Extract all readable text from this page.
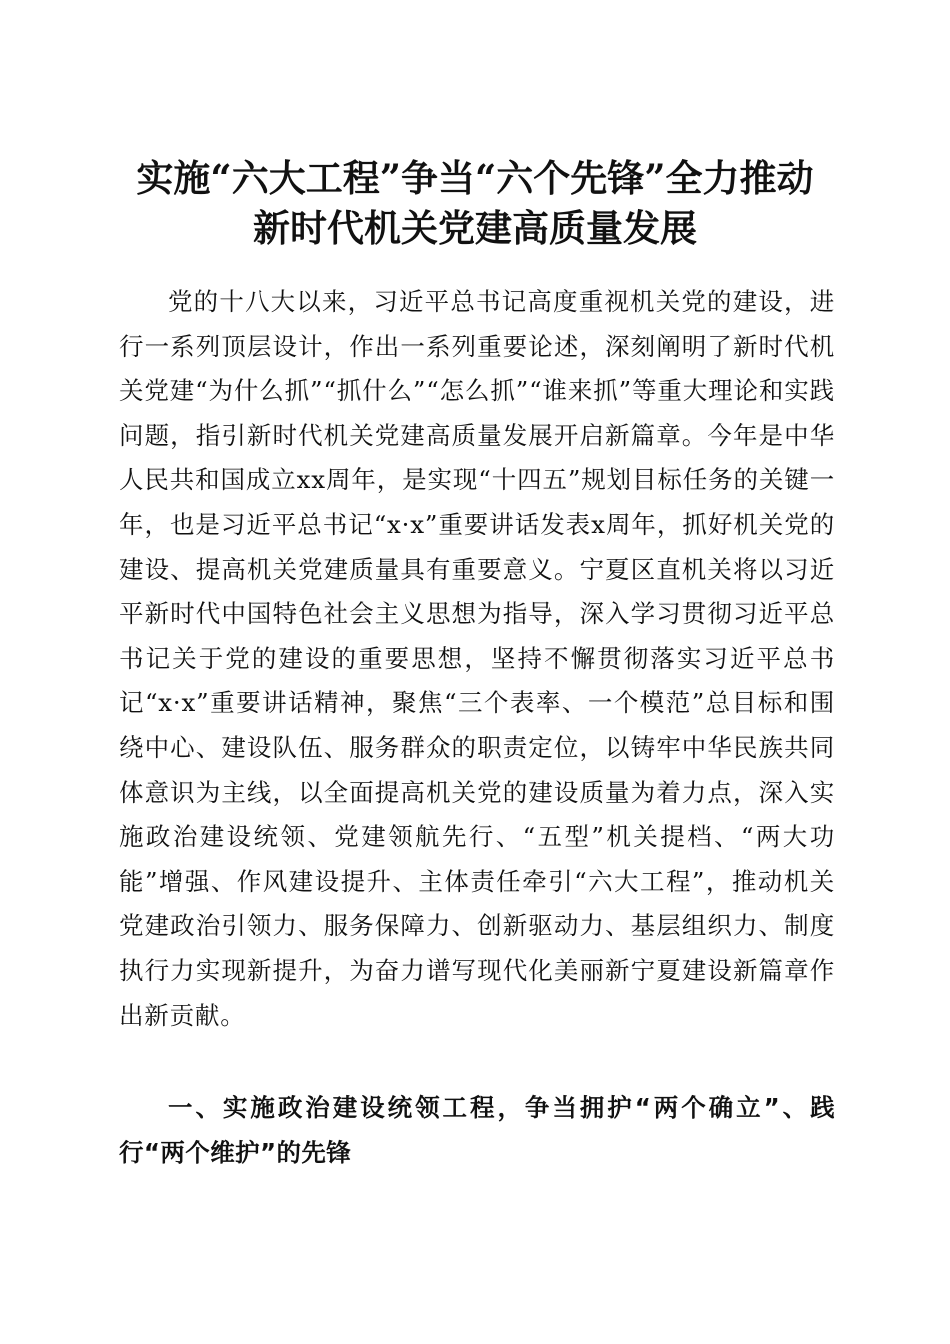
实施“六大工程”争当“六个先锋”全力推动
新时代机关党建高质量发展

党的十八大以来，习近平总书记高度重视机关党的建设，进行一系列顶层设计，作出一系列重要论述，深刻阐明了新时代机关党建“为什么抓”“抓什么”“怎么抓”“谁来抓”等重大理论和实践问题，指引新时代机关党建高质量发展开启新篇章。今年是中华人民共和国成立xx周年，是实现“十四五”规划目标任务的关键一年，也是习近平总书记“x·x”重要讲话发表x周年，抓好机关党的建设、提高机关党建质量具有重要意义。宁夏区直机关将以习近平新时代中国特色社会主义思想为指导，深入学习贯彻习近平总书记关于党的建设的重要思想，坚持不懈贯彻落实习近平总书记“x·x”重要讲话精神，聚焦“三个表率、一个模范”总目标和围绕中心、建设队伍、服务群众的职责定位，以铸牢中华民族共同体意识为主线，以全面提高机关党的建设质量为着力点，深入实施政治建设统领、党建领航先行、“五型”机关提档、“两大功能”增强、作风建设提升、主体责任牵引“六大工程”，推动机关党建政治引领力、服务保障力、创新驱动力、基层组织力、制度执行力实现新提升，为奋力谱写现代化美丽新宁夏建设新篇章作出新贡献。

一、实施政治建设统领工程，争当拥护“两个确立”、践行“两个维护”的先锋
